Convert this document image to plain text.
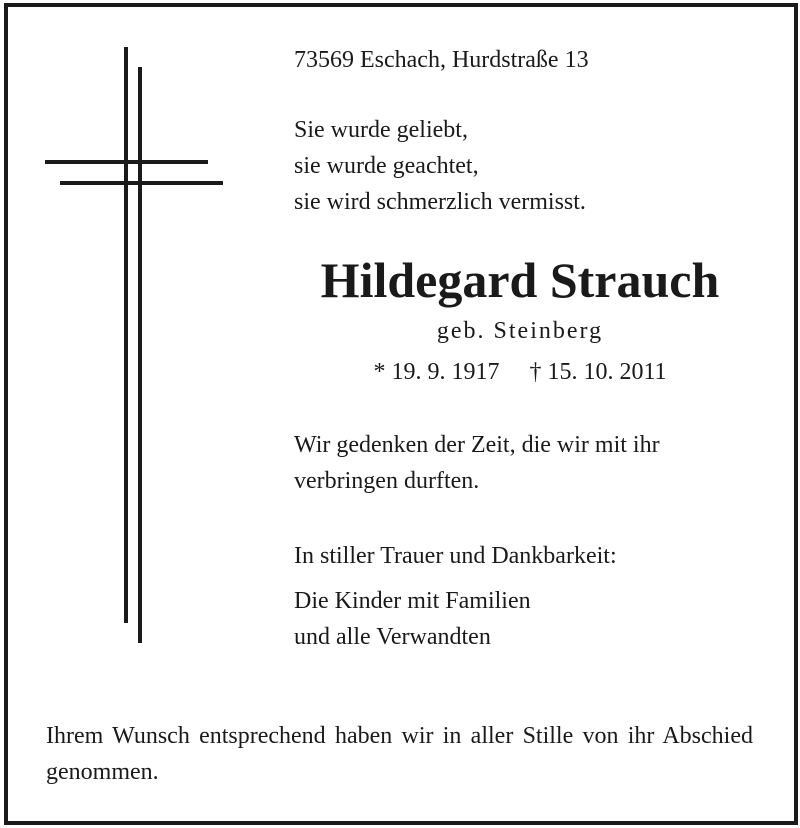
73569 Eschach, Hurdstraße 13
Sie wurde geliebt,
sie wurde geachtet,
sie wird schmerzlich vermisst.
Hildegard Strauch
geb. Steinberg
* 19. 9. 1917     † 15. 10. 2011
Wir gedenken der Zeit, die wir mit ihr
verbringen durften.
In stiller Trauer und Dankbarkeit:
Die Kinder mit Familien
und alle Verwandten
Ihrem Wunsch entsprechend haben wir in aller Stille von ihr Abschied genommen.
